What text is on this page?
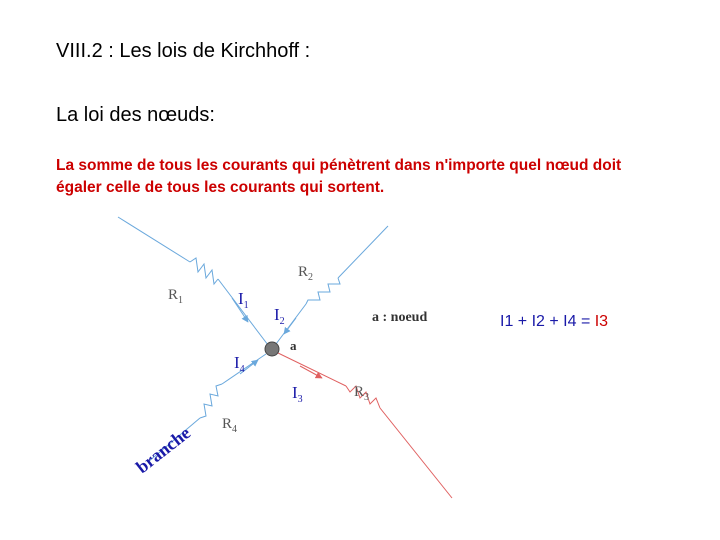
VIII.2 : Les lois de Kirchhoff :
La loi des nœuds:
La somme de tous les courants qui pénètrent dans n'importe quel nœud doit égaler celle de tous les courants qui sortent.
a
a : noeud
$R_1$
$R_2$
$R_3$
$R_4$
$I_1$ $I_2$
$I_3$
$I_4$
branche
I1 + I2 + I4 = I3
